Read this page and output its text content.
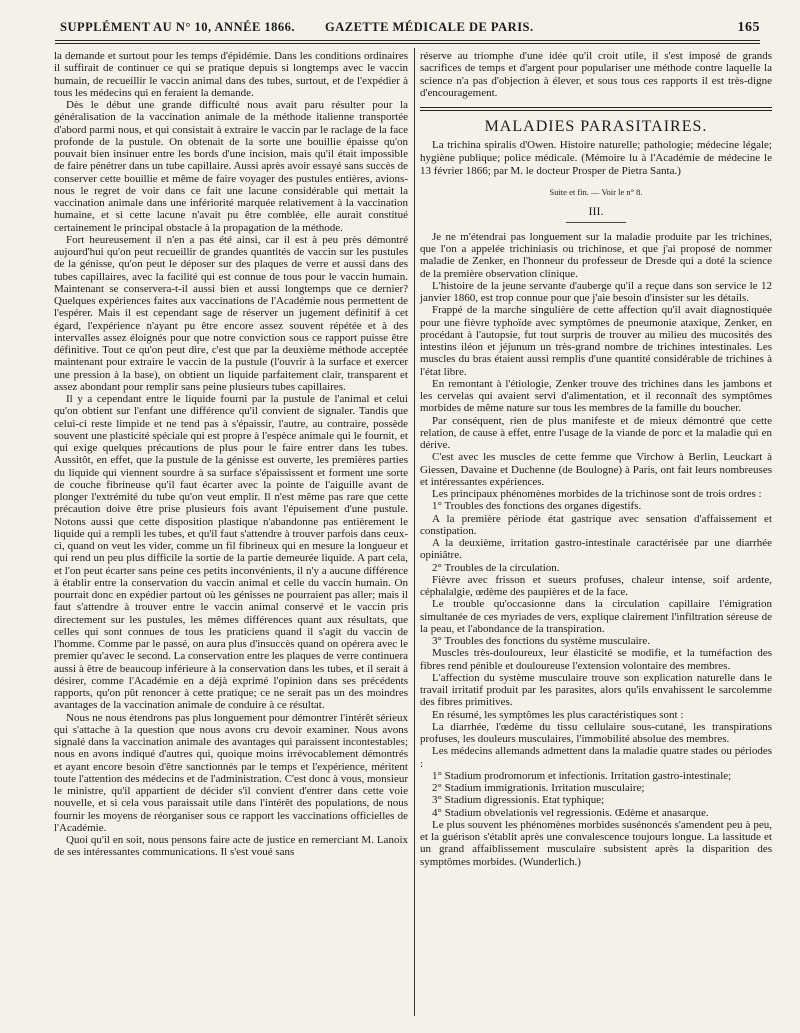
SUPPLÉMENT AU N° 10, ANNÉE 1866. GAZETTE MÉDICALE DE PARIS.	165

la demande et surtout pour les temps d'épidémie. Dans les conditions ordinaires il suffirait de continuer ce qui se pratique depuis si longtemps avec le vaccin humain, de recueillir le vaccin animal dans des tubes, surtout, et de l'expédier à tous les médecins qui en feraient la demande.

Dès le début une grande difficulté nous avait paru résulter pour la généralisation de la vaccination animale de la méthode italienne transportée d'abord parmi nous, et qui consistait à extraire le vaccin par le raclage de la face profonde de la pustule. On obtenait de la sorte une bouillie épaisse qu'on pouvait bien insinuer entre les bords d'une incision, mais qu'il était impossible de faire pénétrer dans un tube capillaire. Aussi après avoir essayé sans succès de conserver cette bouillie et même de faire voyager des pustules entières, avions-nous le regret de voir dans ce fait une lacune considérable qui mettait la vaccination animale dans une infériorité marquée relativement à la vaccination humaine, et si cette lacune n'avait pu être comblée, elle aurait constitué certainement le principal obstacle à la propagation de la méthode.

Fort heureusement il n'en a pas été ainsi, car il est à peu près démontré aujourd'hui qu'on peut recueillir de grandes quantités de vaccin sur les pustules de la génisse, qu'on peut le déposer sur des plaques de verre et aussi dans des tubes capillaires, avec la facilité qui est connue de tous pour le vaccin humain. Maintenant se conservera-t-il aussi bien et aussi longtemps que ce dernier? Quelques expériences faites aux vaccinations de l'Académie nous permettent de l'espérer. Mais il est cependant sage de réserver un jugement définitif à cet égard, l'expérience n'ayant pu être encore assez souvent répétée et à des intervalles assez éloignés pour que notre conviction sous ce rapport puisse être définitive. Tout ce qu'on peut dire, c'est que par la deuxième méthode acceptée maintenant pour extraire le vaccin de la pustule (l'ouvrir à la surface et exercer une pression à la base), on obtient un liquide parfaitement clair, transparent et assez abondant pour remplir sans peine plusieurs tubes capillaires.

Il y a cependant entre le liquide fourni par la pustule de l'animal et celui qu'on obtient sur l'enfant une différence qu'il convient de signaler. Tandis que celui-ci reste limpide et ne tend pas à s'épaissir, l'autre, au contraire, possède souvent une plasticité spéciale qui est propre à l'espèce animale qui le fournit, et qui exige quelques précautions de plus pour le faire entrer dans les tubes. Aussitôt, en effet, que la pustule de la génisse est ouverte, les premières parties du liquide qui viennent sourdre à sa surface s'épaississent et forment une sorte de couche fibrineuse qu'il faut écarter avec la pointe de l'aiguille avant de plonger l'extrémité du tube qu'on veut emplir. Il n'est même pas rare que cette précaution doive être prise plusieurs fois avant l'épuisement d'une pustule. Notons aussi que cette disposition plastique n'abandonne pas entièrement le liquide qui a rempli les tubes, et qu'il faut s'attendre à trouver parfois dans ceux-ci, quand on veut les vider, comme un fil fibrineux qui en mesure la longueur et qui rend un peu plus difficile la sortie de la partie demeurée liquide. A part cela, et l'on peut écarter sans peine ces petits inconvénients, il n'y a aucune différence à établir entre la conservation du vaccin animal et celle du vaccin humain. On pourrait donc en expédier partout où les génisses ne pourraient pas aller; mais il faut s'attendre à trouver entre le vaccin animal conservé et le vaccin pris directement sur les pustules, les mêmes différences quant aux résultats, que celles qui sont connues de tous les praticiens quand il s'agit du vaccin de l'homme. Comme par le passé, on aura plus d'insuccès quand on opérera avec le premier qu'avec le second. La conservation entre les plaques de verre continuera aussi à être de beaucoup inférieure à la conservation dans les tubes, et il serait à désirer, comme l'Académie en a déjà exprimé l'opinion dans ses précédents rapports, qu'on pût renoncer à cette pratique; ce ne serait pas un des moindres avantages de la vaccination animale de conduire à ce résultat.

Nous ne nous étendrons pas plus longuement pour démontrer l'intérêt sérieux qui s'attache à la question que nous avons cru devoir examiner. Nous avons signalé dans la vaccination animale des avantages qui paraissent incontestables; nous en avons indiqué d'autres qui, quoique moins irrévocablement démontrés et ayant encore besoin d'être sanctionnés par le temps et l'expérience, méritent toute l'attention des médecins et de l'administration. C'est donc à vous, monsieur le ministre, qu'il appartient de décider s'il convient d'entrer dans cette voie nouvelle, et si cela vous paraissait utile dans l'intérêt des populations, de nous fournir les moyens de réorganiser sous ce rapport les vaccinations officielles de l'Académie.

Quoi qu'il en soit, nous pensons faire acte de justice en remerciant M. Lanoix de ses intéressantes communications. Il s'est voué sans

réserve au triomphe d'une idée qu'il croit utile, il s'est imposé de grands sacrifices de temps et d'argent pour populariser une méthode contre laquelle la science n'a pas d'objection à élever, et sous tous ces rapports il est très-digne d'encouragement.

MALADIES PARASITAIRES.

La trichina spiralis d'Owen. Histoire naturelle; pathologie; médecine légale; hygiène publique; police médicale. (Mémoire lu à l'Académie de médecine le 13 février 1866; par M. le docteur Prosper de Pietra Santa.)

Suite et fin. — Voir le n° 8.
III.

Je ne m'étendrai pas longuement sur la maladie produite par les trichines, que l'on a appelée trichiniasis ou trichinose, et que j'ai proposé de nommer maladie de Zenker, en l'honneur du professeur de Dresde qui a doté la science de la première observation clinique.

L'histoire de la jeune servante d'auberge qu'il a reçue dans son service le 12 janvier 1860, est trop connue pour que j'aie besoin d'insister sur les détails.

Frappé de la marche singulière de cette affection qu'il avait diagnostiquée pour une fièvre typhoïde avec symptômes de pneumonie ataxique, Zenker, en procédant à l'autopsie, fut tout surpris de trouver au milieu des mucosités des intestins iléon et jéjunum un très-grand nombre de trichines intestinales. Les muscles du bras étaient aussi remplis d'une quantité considérable de trichines à l'état libre.

En remontant à l'étiologie, Zenker trouve des trichines dans les jambons et les cervelas qui avaient servi d'alimentation, et il reconnaît des symptômes morbides de même nature sur tous les membres de la famille du boucher.

Par conséquent, rien de plus manifeste et de mieux démontré que cette relation, de cause à effet, entre l'usage de la viande de porc et la maladie qui en dérive.

C'est avec les muscles de cette femme que Virchow à Berlin, Leuckart à Giessen, Davaine et Duchenne (de Boulogne) à Paris, ont fait leurs nombreuses et intéressantes expériences.

Les principaux phénomènes morbides de la trichinose sont de trois ordres :

1° Troubles des fonctions des organes digestifs.

A la première période état gastrique avec sensation d'affaissement et constipation.

A la deuxième, irritation gastro-intestinale caractérisée par une diarrhée opiniâtre.

2° Troubles de la circulation.

Fièvre avec frisson et sueurs profuses, chaleur intense, soif ardente, céphalalgie, œdème des paupières et de la face.

Le trouble qu'occasionne dans la circulation capillaire l'émigration simultanée de ces myriades de vers, explique clairement l'infiltration séreuse de la peau, et l'abondance de la transpiration.

3° Troubles des fonctions du système musculaire.

Muscles très-douloureux, leur élasticité se modifie, et la tuméfaction des fibres rend pénible et douloureuse l'extension volontaire des membres.

L'affection du système musculaire trouve son explication naturelle dans le travail irritatif produit par les parasites, alors qu'ils envahissent le sarcolemme des fibres primitives.

En résumé, les symptômes les plus caractéristiques sont :

La diarrhée, l'œdème du tissu cellulaire sous-cutané, les transpirations profuses, les douleurs musculaires, l'immobilité absolue des membres.

Les médecins allemands admettent dans la maladie quatre stades ou périodes :

1° Stadium prodromorum et infectionis. Irritation gastro-intestinale;

2° Stadium immigrationis. Irritation musculaire;

3° Stadium digressionis. Etat typhique;

4° Stadium obvelationis vel regressionis. Œdème et anasarque.

Le plus souvent les phénomènes morbides susénoncés s'amendent peu à peu, et la guérison s'établit après une convalescence toujours longue. La lassitude et un grand affaiblissement musculaire subsistent après la disparition des symptômes morbides. (Wunderlich.)
